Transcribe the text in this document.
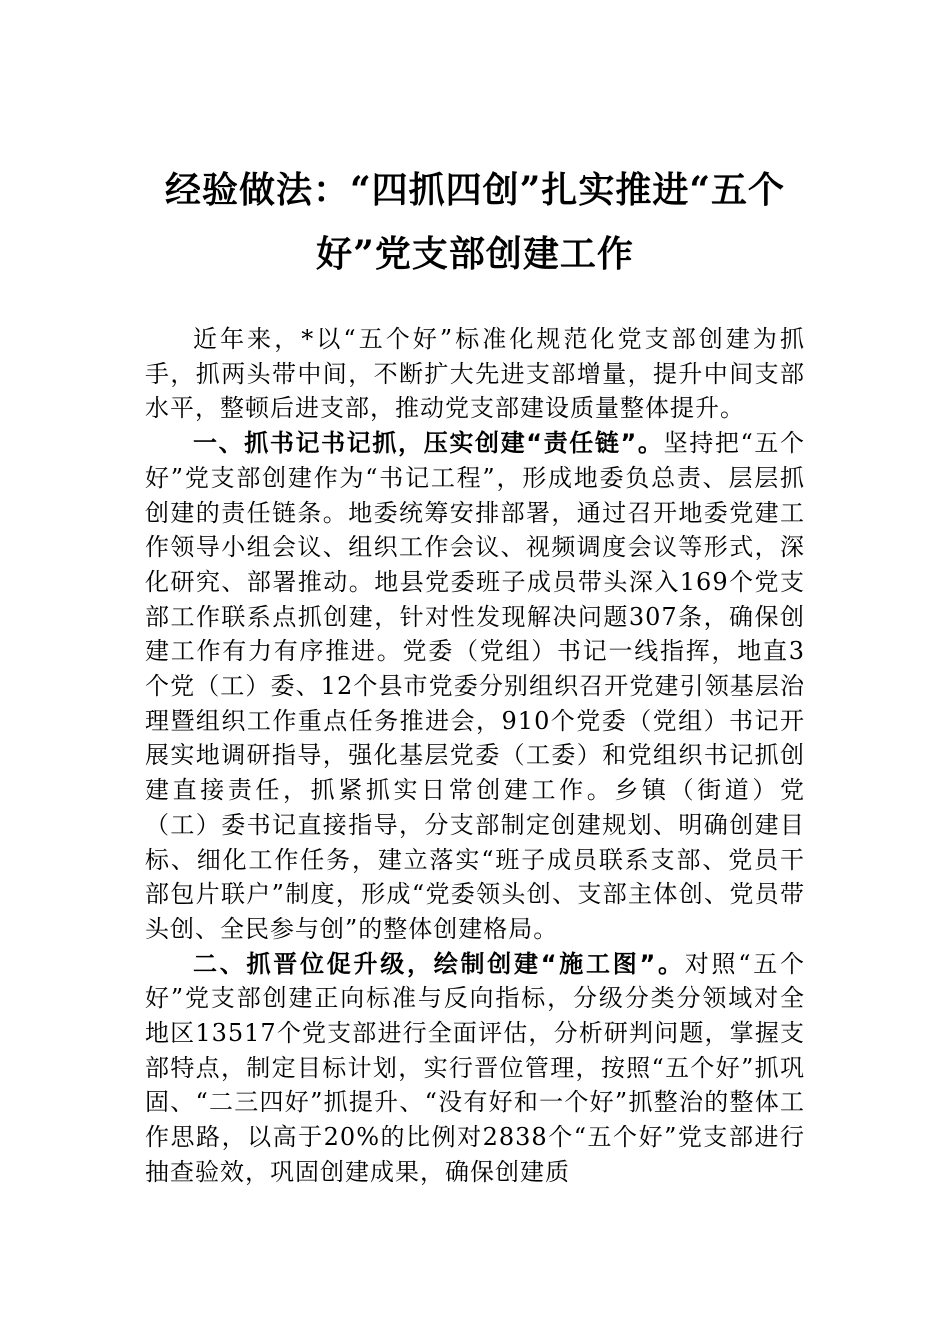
经验做法：“四抓四创”扎实推进“五个好”党支部创建工作

近年来，*以“五个好”标准化规范化党支部创建为抓手，抓两头带中间，不断扩大先进支部增量，提升中间支部水平，整顿后进支部，推动党支部建设质量整体提升。

一、抓书记书记抓，压实创建“责任链”。坚持把“五个好”党支部创建作为“书记工程”，形成地委负总责、层层抓创建的责任链条。地委统筹安排部署，通过召开地委党建工作领导小组会议、组织工作会议、视频调度会议等形式，深化研究、部署推动。地县党委班子成员带头深入169个党支部工作联系点抓创建，针对性发现解决问题307条，确保创建工作有力有序推进。党委（党组）书记一线指挥，地直3个党（工）委、12个县市党委分别组织召开党建引领基层治理暨组织工作重点任务推进会，910个党委（党组）书记开展实地调研指导，强化基层党委（工委）和党组织书记抓创建直接责任，抓紧抓实日常创建工作。乡镇（街道）党（工）委书记直接指导，分支部制定创建规划、明确创建目标、细化工作任务，建立落实“班子成员联系支部、党员干部包片联户”制度，形成“党委领头创、支部主体创、党员带头创、全民参与创”的整体创建格局。

二、抓晋位促升级，绘制创建“施工图”。对照“五个好”党支部创建正向标准与反向指标，分级分类分领域对全地区13517个党支部进行全面评估，分析研判问题，掌握支部特点，制定目标计划，实行晋位管理，按照“五个好”抓巩固、“二三四好”抓提升、“没有好和一个好”抓整治的整体工作思路，以高于20%的比例对2838个“五个好”党支部进行抽查验效，巩固创建成果，确保创建质
